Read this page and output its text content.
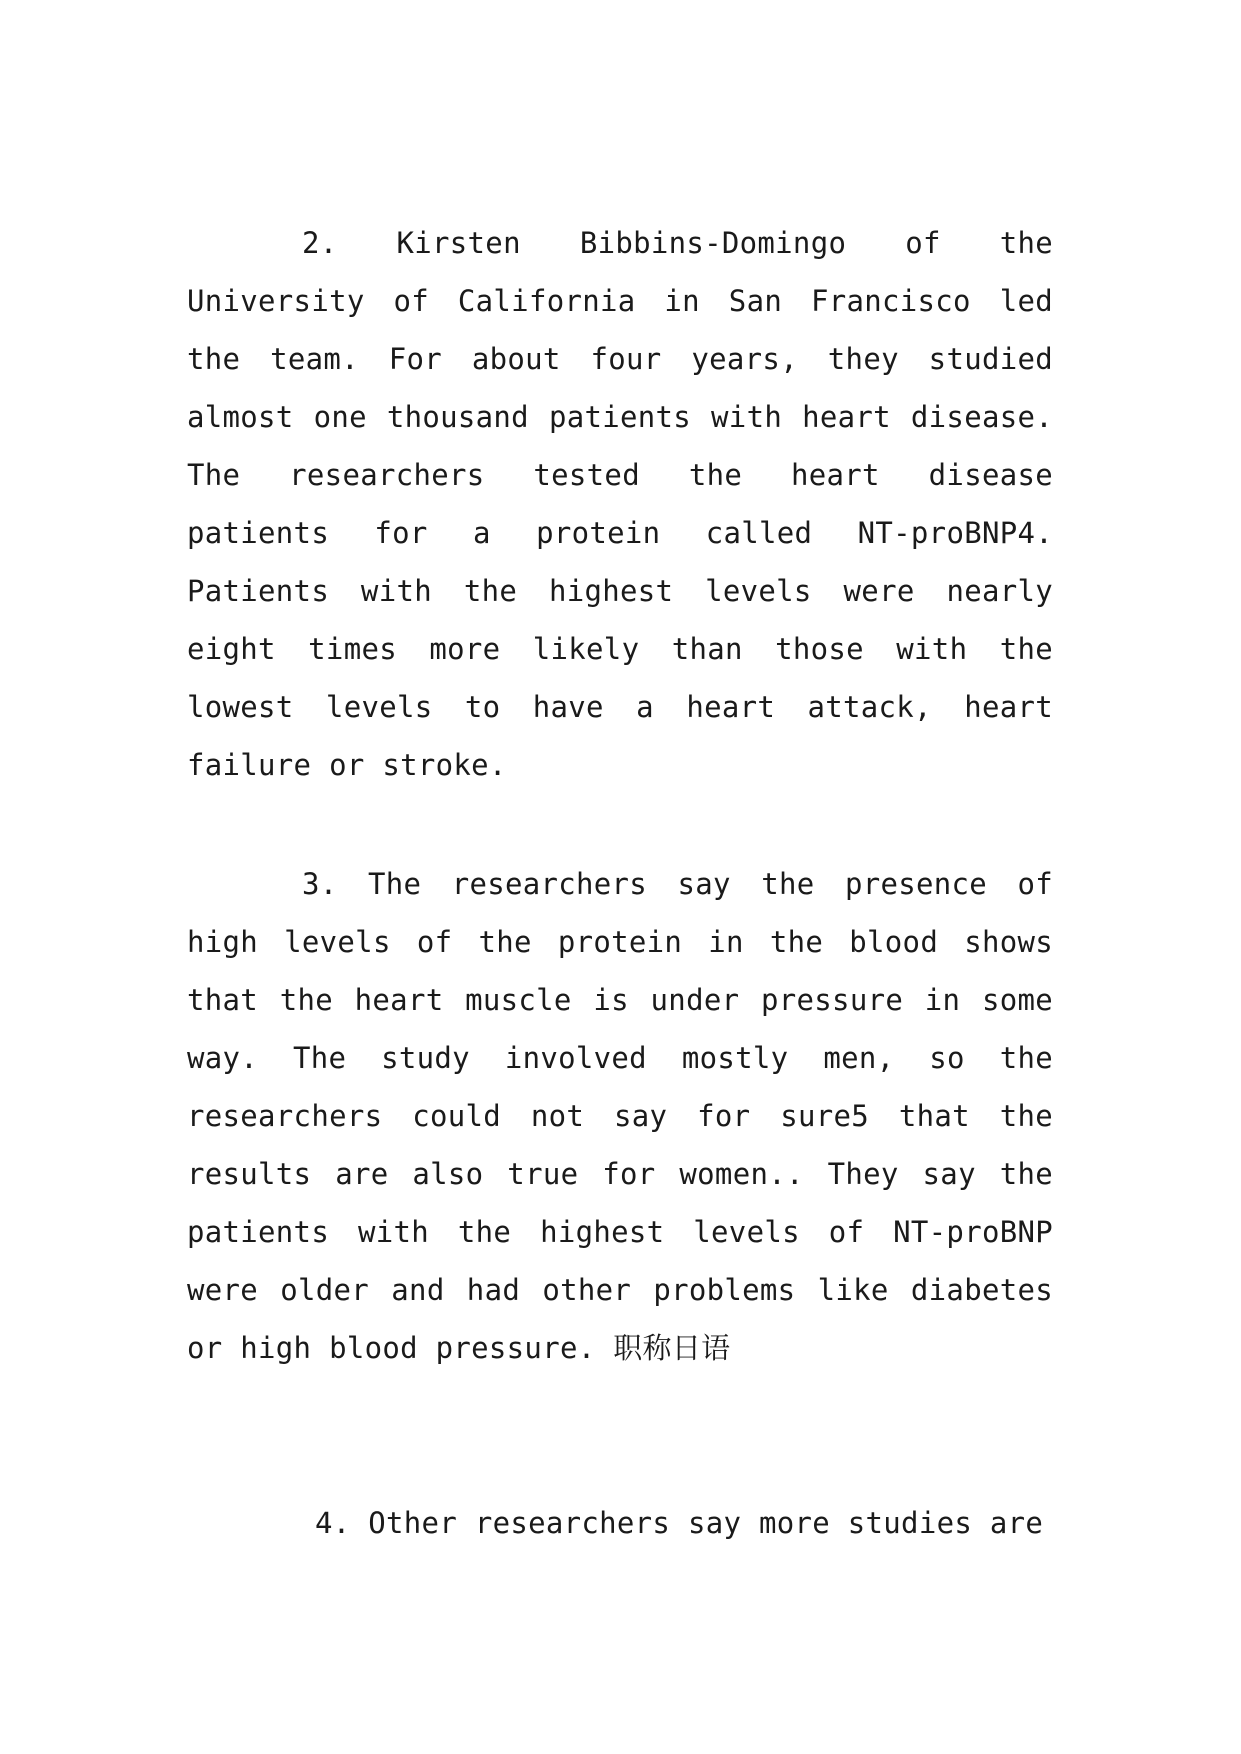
2. Kirsten Bibbins-Domingo of the University of California in San Francisco led the team. For about four years, they studied almost one thousand patients with heart disease. The researchers tested the heart disease patients for a protein called NT-proBNP4. Patients with the highest levels were nearly eight times more likely than those with the lowest levels to have a heart attack, heart failure or stroke.

3. The researchers say the presence of high levels of the protein in the blood shows that the heart muscle is under pressure in some way. The study involved mostly men, so the researchers could not say for sure5 that the results are also true for women.. They say the patients with the highest levels of NT-proBNP were older and had other problems like diabetes or high blood pressure. 职称日语

4. Other researchers say more studies are
